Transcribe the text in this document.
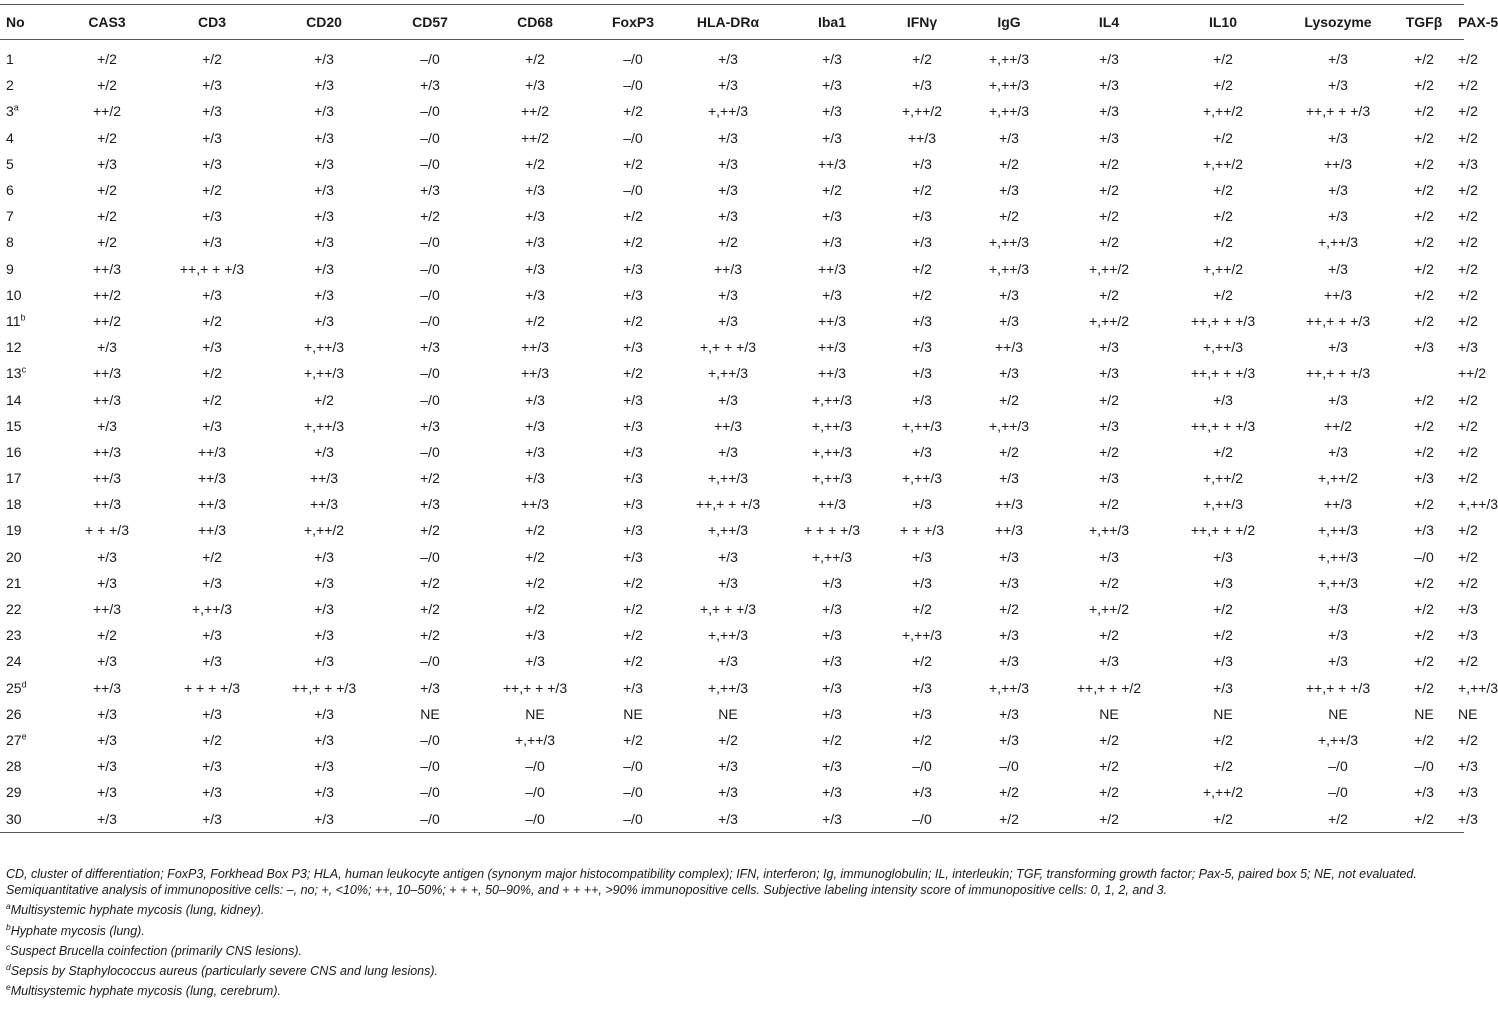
No	CAS3	CD3	CD20	CD57	CD68	FoxP3	HLA-DRα	Iba1	IFNγ	IgG	IL4	IL10	Lysozyme	TGFβ	PAX-5
1	+/2	+/2	+/3	–/0	+/2	–/0	+/3	+/3	+/2	+,++/3	+/3	+/2	+/3	+/2	+/2
2	+/2	+/3	+/3	+/3	+/3	–/0	+/3	+/3	+/3	+,++/3	+/3	+/2	+/3	+/2	+/2
$3^a$	++/2	+/3	+/3	–/0	++/2	+/2	+,++/3	+/3	+,++/2	+,++/3	+/3	+,++/2	++,+ + +/3	+/2	+/2
4	+/2	+/3	+/3	–/0	++/2	–/0	+/3	+/3	++/3	+/3	+/3	+/2	+/3	+/2	+/2
5	+/3	+/3	+/3	–/0	+/2	+/2	+/3	++/3	+/3	+/2	+/2	+,++/2	++/3	+/2	+/3
6	+/2	+/2	+/3	+/3	+/3	–/0	+/3	+/2	+/2	+/3	+/2	+/2	+/3	+/2	+/2
7	+/2	+/3	+/3	+/2	+/3	+/2	+/3	+/3	+/3	+/2	+/2	+/2	+/3	+/2	+/2
8	+/2	+/3	+/3	–/0	+/3	+/2	+/2	+/3	+/3	+,++/3	+/2	+/2	+,++/3	+/2	+/2
9	++/3	++,+ + +/3	+/3	–/0	+/3	+/3	++/3	++/3	+/2	+,++/3	+,++/2	+,++/2	+/3	+/2	+/2
10	++/2	+/3	+/3	–/0	+/3	+/3	+/3	+/3	+/2	+/3	+/2	+/2	++/3	+/2	+/2
$11^b$	++/2	+/2	+/3	–/0	+/2	+/2	+/3	++/3	+/3	+/3	+,++/2	++,+ + +/3	++,+ + +/3	+/2	+/2
12	+/3	+/3	+,++/3	+/3	++/3	+/3	+,+ + +/3	++/3	+/3	++/3	+/3	+,++/3	+/3	+/3	+/3
$13^c$	++/3	+/2	+,++/3	–/0	++/3	+/2	+,++/3	++/3	+/3	+/3	+/3	++,+ + +/3	++,+ + +/3		++/2
14	++/3	+/2	+/2	–/0	+/3	+/3	+/3	+,++/3	+/3	+/2	+/2	+/3	+/3	+/2	+/2
15	+/3	+/3	+,++/3	+/3	+/3	+/3	++/3	+,++/3	+,++/3	+,++/3	+/3	++,+ + +/3	++/2	+/2	+/2
16	++/3	++/3	+/3	–/0	+/3	+/3	+/3	+,++/3	+/3	+/2	+/2	+/2	+/3	+/2	+/2
17	++/3	++/3	++/3	+/2	+/3	+/3	+,++/3	+,++/3	+,++/3	+/3	+/3	+,++/2	+,++/2	+/3	+/2
18	++/3	++/3	++/3	+/3	++/3	+/3	++,+ + +/3	++/3	+/3	++/3	+/2	+,++/3	++/3	+/2	+,++/3
19	+ + +/3	++/3	+,++/2	+/2	+/2	+/3	+,++/3	+ + + +/3	+ + +/3	++/3	+,++/3	++,+ + +/2	+,++/3	+/3	+/2
20	+/3	+/2	+/3	–/0	+/2	+/3	+/3	+,++/3	+/3	+/3	+/3	+/3	+,++/3	–/0	+/2
21	+/3	+/3	+/3	+/2	+/2	+/2	+/3	+/3	+/3	+/3	+/2	+/3	+,++/3	+/2	+/2
22	++/3	+,++/3	+/3	+/2	+/2	+/2	+,+ + +/3	+/3	+/2	+/2	+,++/2	+/2	+/3	+/2	+/3
23	+/2	+/3	+/3	+/2	+/3	+/2	+,++/3	+/3	+,++/3	+/3	+/2	+/2	+/3	+/2	+/3
24	+/3	+/3	+/3	–/0	+/3	+/2	+/3	+/3	+/2	+/3	+/3	+/3	+/3	+/2	+/2
$25^d$	++/3	+ + + +/3	++,+ + +/3	+/3	++,+ + +/3	+/3	+,++/3	+/3	+/3	+,++/3	++,+ + +/2	+/3	++,+ + +/3	+/2	+,++/3
26	+/3	+/3	+/3	NE	NE	NE	NE	+/3	+/3	+/3	NE	NE	NE	NE	NE
$27^e$	+/3	+/2	+/3	–/0	+,++/3	+/2	+/2	+/2	+/2	+/3	+/2	+/2	+,++/3	+/2	+/2
28	+/3	+/3	+/3	–/0	–/0	–/0	+/3	+/3	–/0	–/0	+/2	+/2	–/0	–/0	+/3
29	+/3	+/3	+/3	–/0	–/0	–/0	+/3	+/3	+/3	+/2	+/2	+,++/2	–/0	+/3	+/3
30	+/3	+/3	+/3	–/0	–/0	–/0	+/3	+/3	–/0	+/2	+/2	+/2	+/2	+/2	+/3

CD, cluster of differentiation; FoxP3, Forkhead Box P3; HLA, human leukocyte antigen (synonym major histocompatibility complex); IFN, interferon; Ig, immunoglobulin; IL, interleukin; TGF, transforming growth factor; Pax-5, paired box 5; NE, not evaluated. Semiquantitative analysis of immunopositive cells: –, no; +, <10%; ++, 10–50%; + + +, 50–90%, and + + ++, >90% immunopositive cells. Subjective labeling intensity score of immunopositive cells: 0, 1, 2, and 3.

$^a$Multisystemic hyphate mycosis (lung, kidney).

$^b$Hyphate mycosis (lung).

$^c$Suspect Brucella coinfection (primarily CNS lesions).

$^d$Sepsis by Staphylococcus aureus (particularly severe CNS and lung lesions).

$^e$Multisystemic hyphate mycosis (lung, cerebrum).
